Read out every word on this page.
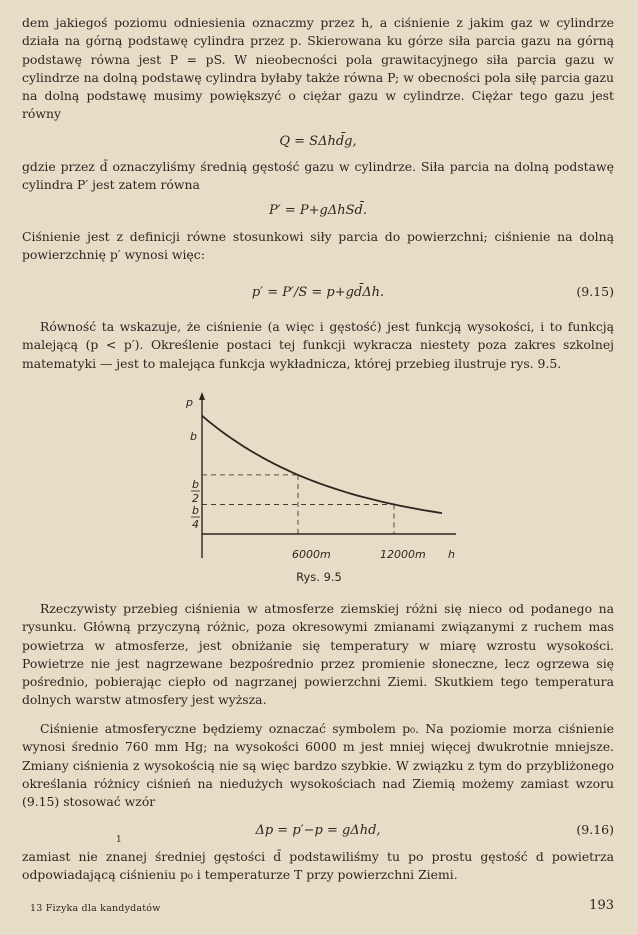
dem jakiegoś poziomu odniesienia oznaczmy przez h, a ciśnienie z jakim gaz w cylindrze działa na górną podstawę cylindra przez p. Skierowana ku górze siła parcia gazu na górną podstawę równa jest P = pS. W nieobecności pola grawitacyjnego siła parcia gazu w cylindrze na dolną podstawę cylindra byłaby także równa P; w obecności pola siłę parcia gazu na dolną podstawę musimy powiększyć o ciężar gazu w cylindrze. Ciężar tego gazu jest równy
Q = SΔhd̄g,
gdzie przez d̄ oznaczyliśmy średnią gęstość gazu w cylindrze. Siła parcia na dolną podstawę cylindra P′ jest zatem równa
P′ = P+gΔhSd̄.
Ciśnienie jest z definicji równe stosunkowi siły parcia do powierzchni; ciśnienie na dolną powierzchnię p′ wynosi więc:
p′ = P′/S = p+gd̄Δh.	(9.15)
Równość ta wskazuje, że ciśnienie (a więc i gęstość) jest funkcją wysokości, i to funkcją malejącą (p < p′). Określenie postaci tej funkcji wykracza niestety poza zakres szkolnej matematyki — jest to malejąca funkcja wykładnicza, której przebieg ilustruje rys. 9.5.
p
h
b
b
2
b
4
6000m	12000m
Rys. 9.5
Rzeczywisty przebieg ciśnienia w atmosferze ziemskiej różni się nieco od podanego na rysunku. Główną przyczyną różnic, poza okresowymi zmianami związanymi z ruchem mas powietrza w atmosferze, jest obniżanie się temperatury w miarę wzrostu wysokości. Powietrze nie jest nagrzewane bezpośrednio przez promienie słoneczne, lecz ogrzewa się pośrednio, pobierając ciepło od nagrzanej powierzchni Ziemi. Skutkiem tego temperatura dolnych warstw atmosfery jest wyższa.
Ciśnienie atmosferyczne będziemy oznaczać symbolem p₀. Na poziomie morza ciśnienie wynosi średnio 760 mm Hg; na wysokości 6000 m jest mniej więcej dwukrotnie mniejsze. Zmiany ciśnienia z wysokością nie są więc bardzo szybkie. W związku z tym do przybliżonego określania różnicy ciśnień na niedużych wysokościach nad Ziemią możemy zamiast wzoru (9.15) stosować wzór
1
Δp = p′−p = gΔhd,	(9.16)
zamiast nie znanej średniej gęstości d̄ podstawiliśmy tu po prostu gęstość d powietrza odpowiadającą ciśnieniu p₀ i temperaturze T przy powierzchni Ziemi.
13 Fizyka dla kandydatów	193
